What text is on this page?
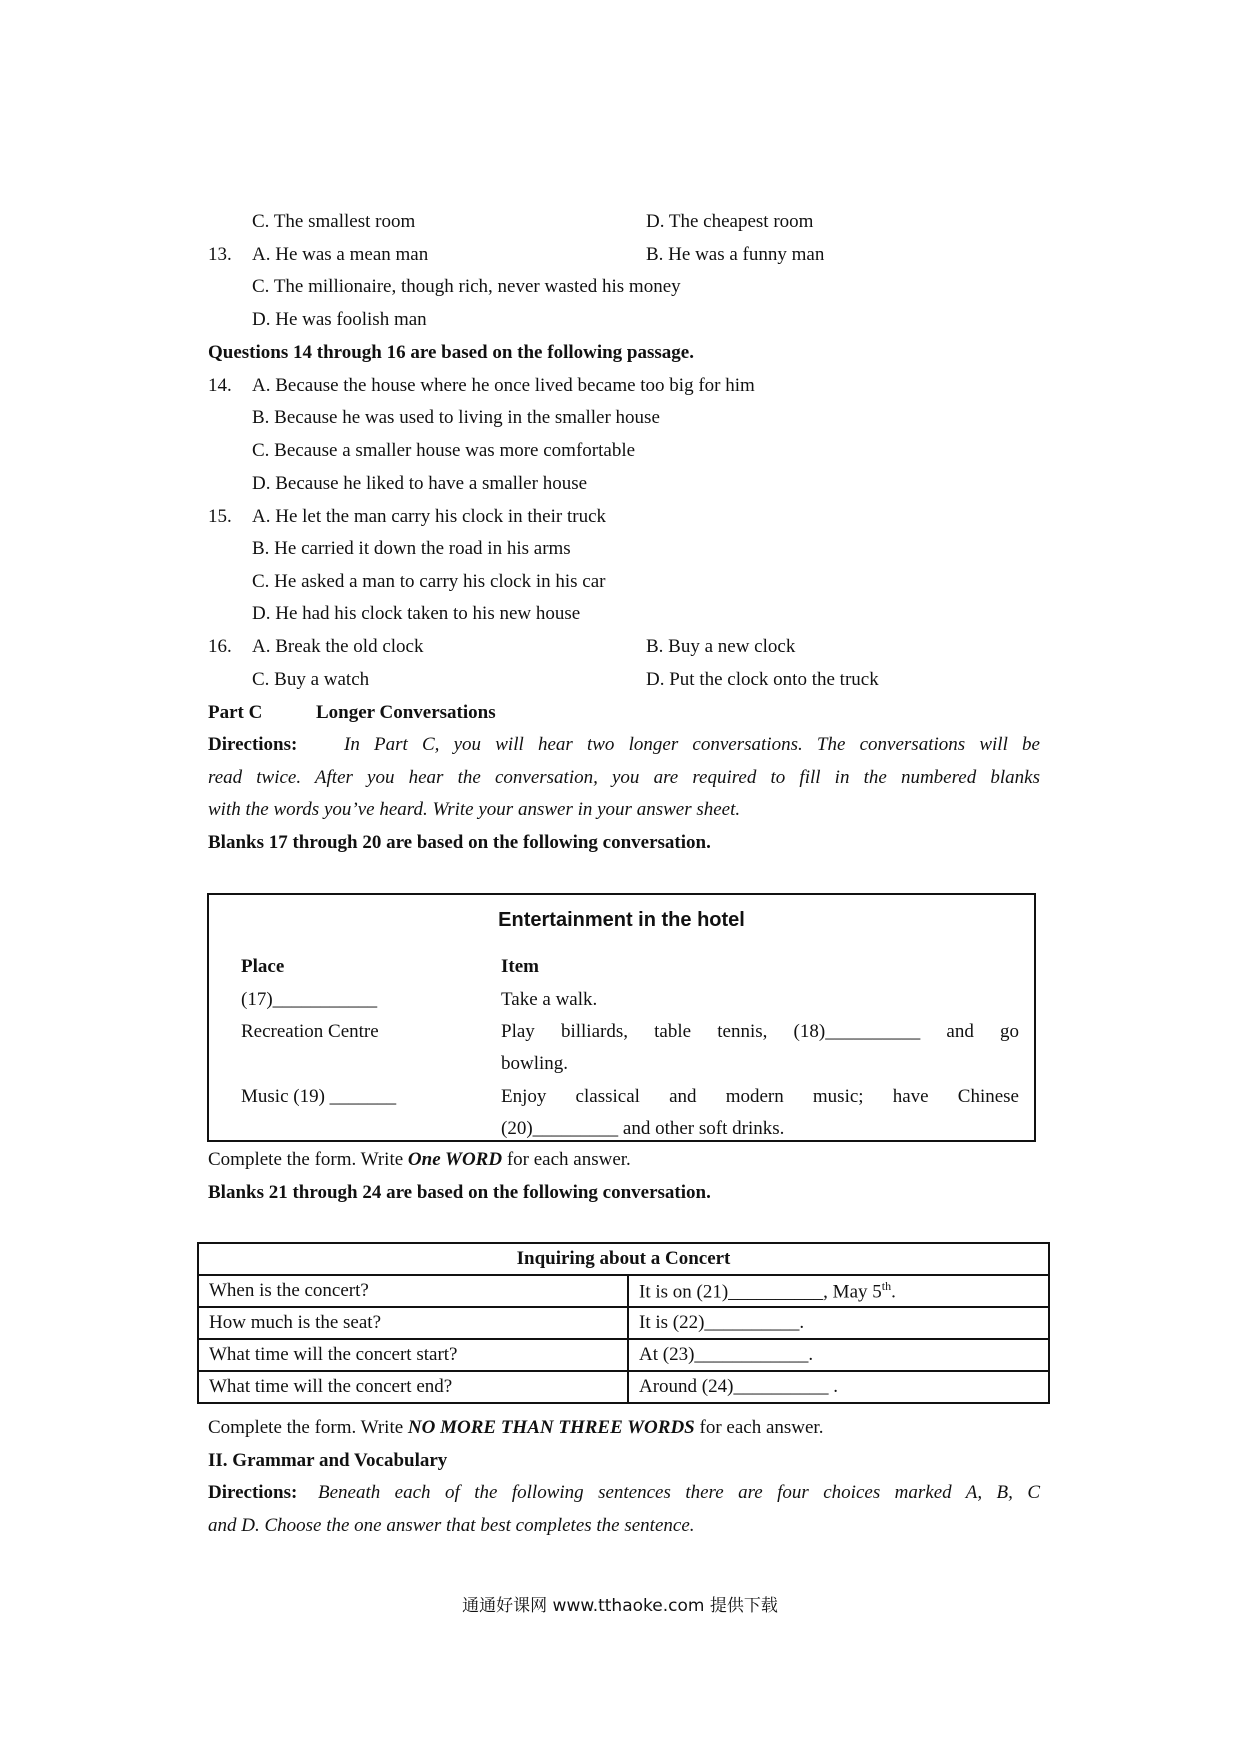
C. The smallest room	D. The cheapest room
13. A. He was a mean man	B. He was a funny man
C. The millionaire, though rich, never wasted his money
D. He was foolish man
Questions 14 through 16 are based on the following passage.
14. A. Because the house where he once lived became too big for him
B. Because he was used to living in the smaller house
C. Because a smaller house was more comfortable
D. Because he liked to have a smaller house
15. A. He let the man carry his clock in their truck
B. He carried it down the road in his arms
C. He asked a man to carry his clock in his car
D. He had his clock taken to his new house
16. A. Break the old clock	B. Buy a new clock
C. Buy a watch	D. Put the clock onto the truck
Part C	Longer Conversations
Directions: In Part C, you will hear two longer conversations. The conversations will be
read twice. After you hear the conversation, you are required to fill in the numbered blanks
with the words you’ve heard. Write your answer in your answer sheet.
Blanks 17 through 20 are based on the following conversation.
Entertainment in the hotel
Place	Item
(17)___________	Take a walk.
Recreation Centre	Play billiards, table tennis, (18)__________ and go
bowling.
Music (19) _______	Enjoy classical and modern music; have Chinese
(20)_________ and other soft drinks.
Complete the form. Write One WORD for each answer.
Blanks 21 through 24 are based on the following conversation.
Inquiring about a Concert	
When is the concert?	It is on (21)__________, May 5th.
How much is the seat?	It is (22)__________.
What time will the concert start?	At (23)____________.
What time will the concert end?	Around (24)__________ .
Complete the form. Write NO MORE THAN THREE WORDS for each answer.
II. Grammar and Vocabulary
Directions: Beneath each of the following sentences there are four choices marked A, B, C
and D. Choose the one answer that best completes the sentence.
通通好课网 www.tthaoke.com 提供下载
